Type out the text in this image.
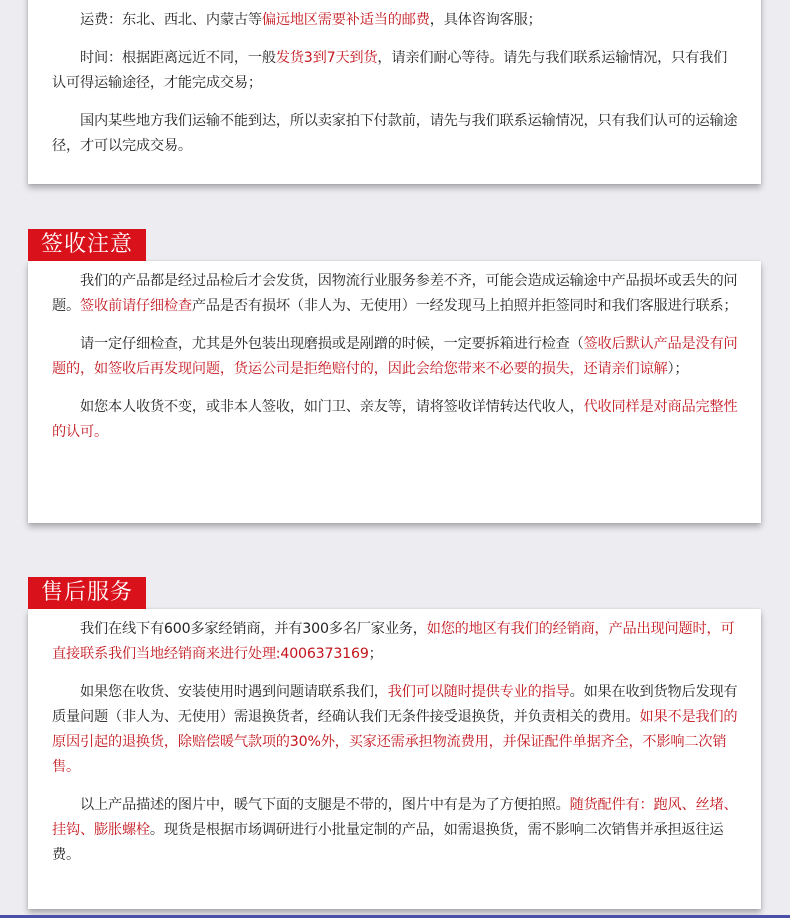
运费：东北、西北、内蒙古等偏远地区需要补适当的邮费，具体咨询客服；

时间：根据距离远近不同，一般发货3到7天到货，请亲们耐心等待。请先与我们联系运输情况，只有我们认可得运输途径，才能完成交易；

国内某些地方我们运输不能到达，所以卖家拍下付款前，请先与我们联系运输情况，只有我们认可的运输途径，才可以完成交易。

签收注意

我们的产品都是经过品检后才会发货，因物流行业服务参差不齐，可能会造成运输途中产品损坏或丢失的问题。签收前请仔细检查产品是否有损坏（非人为、无使用）一经发现马上拍照并拒签同时和我们客服进行联系；

请一定仔细检查，尤其是外包装出现磨损或是剐蹭的时候，一定要拆箱进行检查（签收后默认产品是没有问题的，如签收后再发现问题，货运公司是拒绝赔付的，因此会给您带来不必要的损失，还请亲们谅解）；

如您本人收货不变，或非本人签收，如门卫、亲友等，请将签收详情转达代收人，代收同样是对商品完整性的认可。

售后服务

我们在线下有600多家经销商，并有300多名厂家业务，如您的地区有我们的经销商，产品出现问题时，可直接联系我们当地经销商来进行处理:4006373169；

如果您在收货、安装使用时遇到问题请联系我们，我们可以随时提供专业的指导。如果在收到货物后发现有质量问题（非人为、无使用）需退换货者，经确认我们无条件接受退换货，并负责相关的费用。如果不是我们的原因引起的退换货，除赔偿暖气款项的30%外，买家还需承担物流费用，并保证配件单据齐全，不影响二次销售。

以上产品描述的图片中，暖气下面的支腿是不带的，图片中有是为了方便拍照。随货配件有：跑风、丝堵、挂钩、膨胀螺栓。现货是根据市场调研进行小批量定制的产品，如需退换货，需不影响二次销售并承担返往运费。
